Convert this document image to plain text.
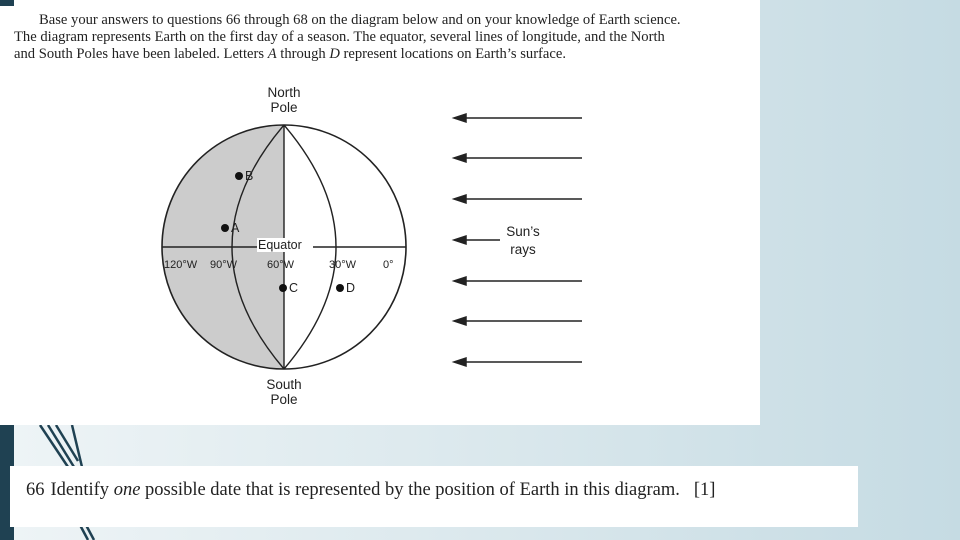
Base your answers to questions 66 through 68 on the diagram below and on your knowledge of Earth science.
The diagram represents Earth on the first day of a season. The equator, several lines of longitude, and the North
and South Poles have been labeled. Letters A through D represent locations on Earth’s surface.
Equator
North
Pole
South
Pole
120°W 90°W	60°W	30°W 0°
B
A
C	D
Sun’s
rays
66 Identify one possible date that is represented by the position of Earth in this diagram. [1]
